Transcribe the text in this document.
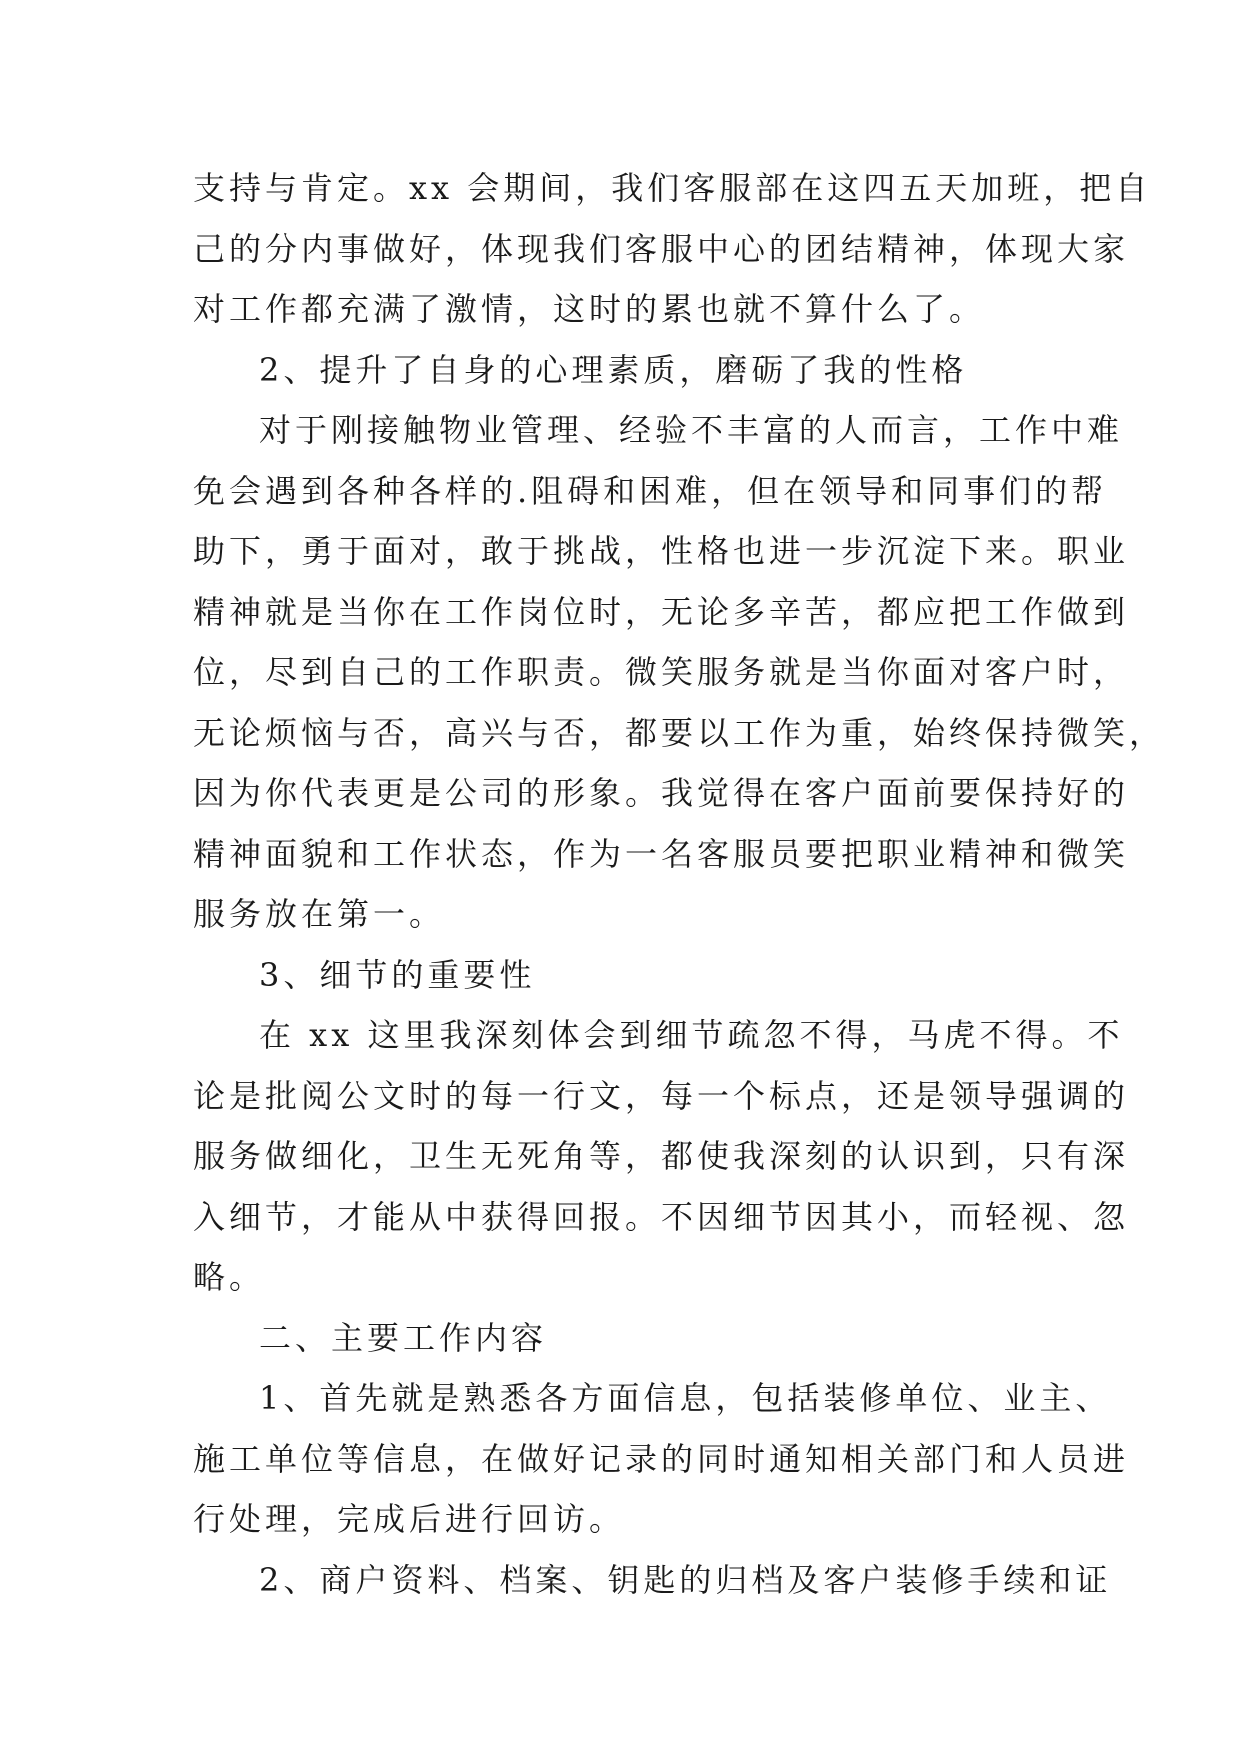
支持与肯定。xx 会期间，我们客服部在这四五天加班，把自
己的分内事做好，体现我们客服中心的团结精神，体现大家
对工作都充满了激情，这时的累也就不算什么了。
2、提升了自身的心理素质，磨砺了我的性格
对于刚接触物业管理、经验不丰富的人而言，工作中难
免会遇到各种各样的.阻碍和困难，但在领导和同事们的帮
助下，勇于面对，敢于挑战，性格也进一步沉淀下来。职业
精神就是当你在工作岗位时，无论多辛苦，都应把工作做到
位，尽到自己的工作职责。微笑服务就是当你面对客户时，
无论烦恼与否，高兴与否，都要以工作为重，始终保持微笑，
因为你代表更是公司的形象。我觉得在客户面前要保持好的
精神面貌和工作状态，作为一名客服员要把职业精神和微笑
服务放在第一。
3、细节的重要性
在 xx 这里我深刻体会到细节疏忽不得，马虎不得。不
论是批阅公文时的每一行文，每一个标点，还是领导强调的
服务做细化，卫生无死角等，都使我深刻的认识到，只有深
入细节，才能从中获得回报。不因细节因其小，而轻视、忽
略。
二、主要工作内容
1、首先就是熟悉各方面信息，包括装修单位、业主、
施工单位等信息，在做好记录的同时通知相关部门和人员进
行处理，完成后进行回访。
2、商户资料、档案、钥匙的归档及客户装修手续和证
